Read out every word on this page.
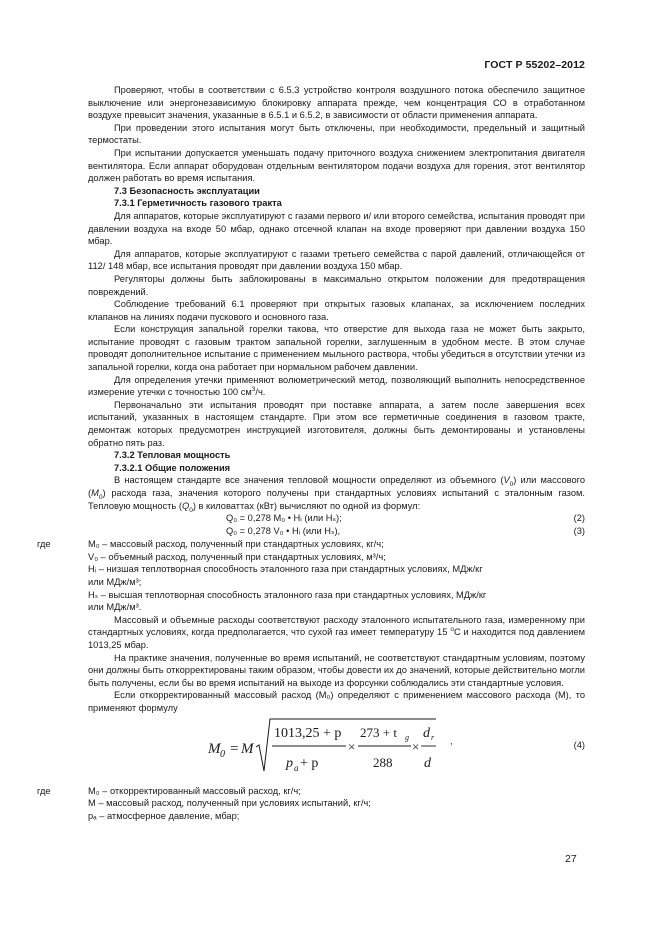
ГОСТ Р 55202–2012

Проверяют, чтобы в соответствии с 6.5.3 устройство контроля воздушного потока обеспечило защитное выключение или энергонезависимую блокировку аппарата прежде, чем концентрация СО в отработанном воздухе превысит значения, указанные в 6.5.1 и 6.5.2, в зависимости от области применения аппарата.

При проведении этого испытания могут быть отключены, при необходимости, предельный и защитный термостаты.

При испытании допускается уменьшать подачу приточного воздуха снижением электропитания двигателя вентилятора. Если аппарат оборудован отдельным вентилятором подачи воздуха для горения, этот вентилятор должен работать во время испытания.

7.3 Безопасность эксплуатации

7.3.1 Герметичность газового тракта

Для аппаратов, которые эксплуатируют с газами первого и/ или второго семейства, испытания проводят при давлении воздуха на входе 50 мбар, однако отсечной клапан на входе проверяют при давлении воздуха 150 мбар.

Для аппаратов, которые эксплуатируют с газами третьего семейства с парой давлений, отличающейся от 112/ 148 мбар, все испытания проводят при давлении воздуха 150 мбар.

Регуляторы должны быть заблокированы в максимально открытом положении для предотвращения повреждений.

Соблюдение требований 6.1 проверяют при открытых газовых клапанах, за исключением последних клапанов на линиях подачи пускового и основного газа.

Если конструкция запальной горелки такова, что отверстие для выхода газа не может быть закрыто, испытание проводят с газовым трактом запальной горелки, заглушенным в удобном месте. В этом случае проводят дополнительное испытание с применением мыльного раствора, чтобы убедиться в отсутствии утечки из запальной горелки, когда она работает при нормальном рабочем давлении.

Для определения утечки применяют волюметрический метод, позволяющий выполнить непосредственное измерение утечки с точностью 100 $см^3/ч$.

Первоначально эти испытания проводят при поставке аппарата, а затем после завершения всех испытаний, указанных в настоящем стандарте. При этом все герметичные соединения в газовом тракте, демонтаж которых предусмотрен инструкцией изготовителя, должны быть демонтированы и установлены обратно пять раз.

7.3.2 Тепловая мощность

7.3.2.1 Общие положения

В настоящем стандарте все значения тепловой мощности определяют из объемного $(V_0)$ или массового $(M_0)$ расхода газа, значения которого получены при стандартных условиях испытаний с эталонным газом. Тепловую мощность $(Q_0)$ в киловаттах (кВт) вычисляют по одной из формул:

Q₀ = 0,278 M₀ • Hᵢ (или Hₛ);	(2)
Q₀ = 0,278 V₀ • Hᵢ (или Hₛ),	(3)
где	M₀ – массовый расход, полученный при стандартных условиях, кг/ч;

V₀ – объемный расход, полученный при стандартных условиях, м³/ч;

Hᵢ – низшая теплотворная способность эталонного газа при стандартных условиях, МДж/кг

или МДж/м³;

Hₛ – высшая теплотворная способность эталонного газа при стандартных условиях, МДж/кг

или МДж/м³.

Массовый и объемные расходы соответствуют расходу эталонного испытательного газа, измеренному при стандартных условиях, когда предполагается, что сухой газ имеет температуру 15 $^о$С и находится под давлением 1013,25 мбар.

На практике значения, полученные во время испытаний, не соответствуют стандартным условиям, поэтому они должны быть откорректированы таким образом, чтобы довести их до значений, которые действительно могли быть получены, если бы во время испытаний на выходе из форсунки соблюдались эти стандартные условия.

Если откорректированный массовый расход (M₀) определяют с применением массового расхода (M), то применяют формулу

M 0 = M
1013,25 + p
p a + p
×
273 + t g
288
×
d r
d
,	(4)
где	M₀ – откорректированный массовый расход, кг/ч;

M – массовый расход, полученный при условиях испытаний, кг/ч;

pₐ – атмосферное давление, мбар;

27
